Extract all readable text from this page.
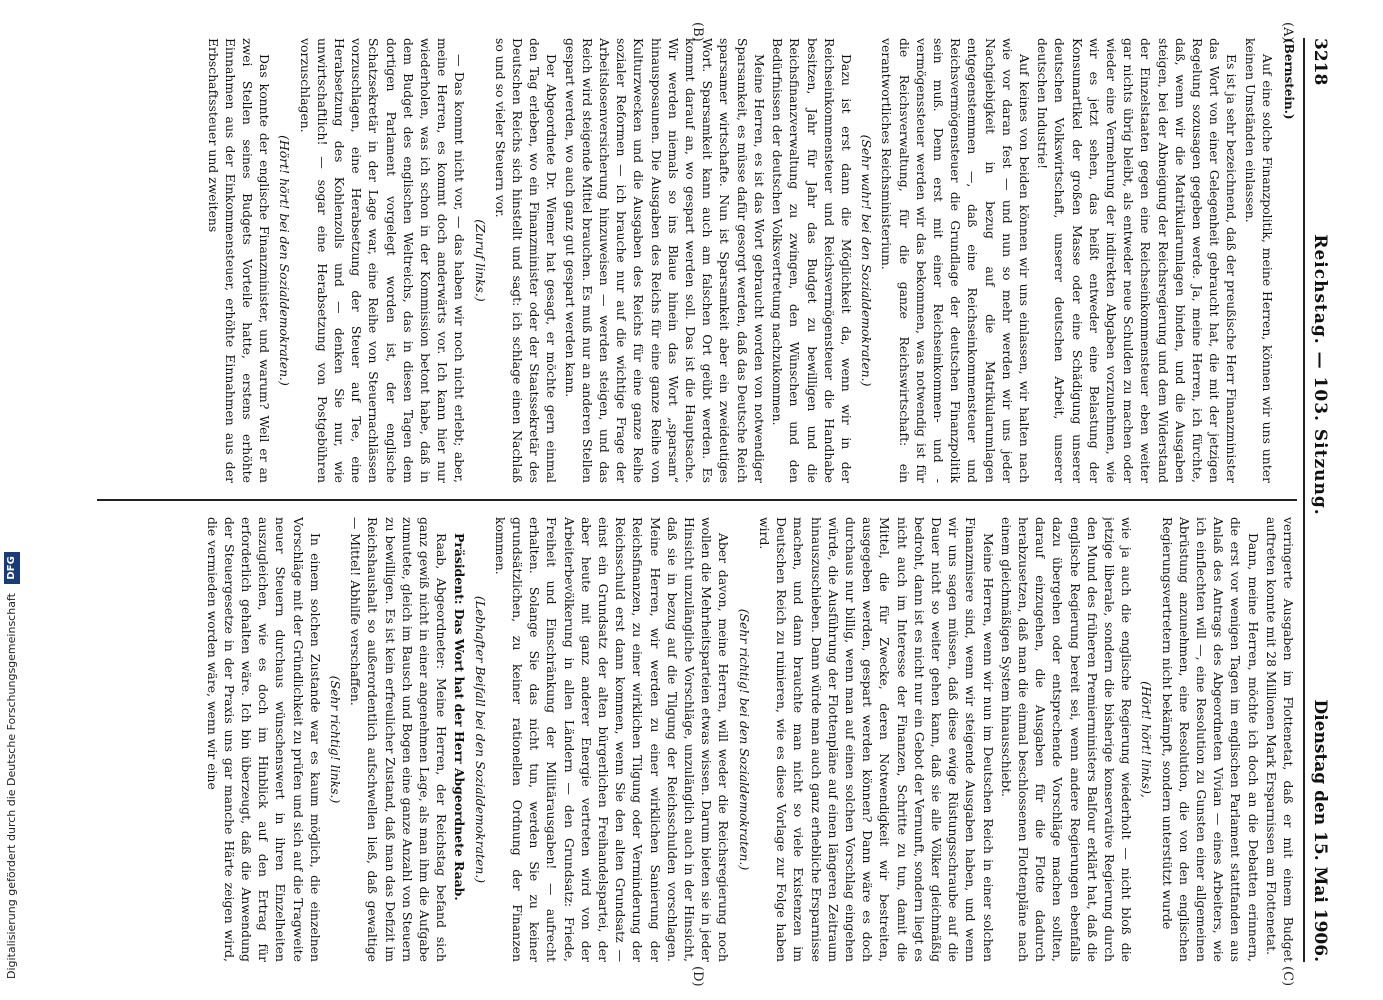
3218
Reichstag. — 103. Sitzung.
Dienstag den 15. Mai 1906.
(A)
(B)
(C)
(D)

(Bernstein.)

Auf eine solche Finanzpolitik, meine Herren, können wir uns unter keinen Umständen einlassen.

Es ist ja sehr bezeichnend, daß der preußische Herr Finanzminister das Wort von einer Gelegenheit gebraucht hat, die mit der jetzigen Regelung sozusagen gegeben werde. Ja, meine Herren, ich fürchte, daß, wenn wir die Matrikularumlagen binden, und die Ausgaben steigen, bei der Abneigung der Reichsregierung und dem Widerstand der Einzelstaaten gegen eine Reichseinkommensteuer eben weiter gar nichts übrig bleibt, als entweder neue Schulden zu machen oder wieder eine Vermehrung der indirekten Abgaben vorzunehmen, wie wir es jetzt sehen, das heißt entweder eine Belastung der Konsumartikel der großen Masse oder eine Schädigung unserer deutschen Volkswirtschaft, unserer deutschen Arbeit, unserer deutschen Industrie!

Auf keines von beiden können wir uns einlassen, wir halten nach wie vor daran fest — und nun so mehr werden wir uns jeder Nachgiebigkeit in bezug auf die Matrikularumlagen entgegenstemmen —, daß eine Reichseinkommensteuer und Reichsvermögensteuer die Grundlage der deutschen Finanzpolitik sein muß. Denn erst mit einer Reichseinkommen- und -vermögenssteuer werden wir das bekommen, was notwendig ist für die Reichsverwaltung, für die ganze Reichswirtschaft: ein verantwortliches Reichsministerium.

(Sehr wahr! bei den Sozialdemokraten.)

Dazu ist erst dann die Möglichkeit da, wenn wir in der Reichseinkommensteuer und Reichsvermögensteuer die Handhabe besitzen, Jahr für Jahr das Budget zu bewilligen und die Reichsfinanzverwaltung zu zwingen, den Wünschen und den Bedürfnissen der deutschen Volksvertretung nachzukommen.

Meine Herren, es ist das Wort gebraucht worden von notwendiger Sparsamkeit, es müsse dafür gesorgt werden, daß das Deutsche Reich sparsamer wirtschafte. Nun ist Sparsamkeit aber ein zweideutiges Wort. Sparsamkeit kann auch am falschen Ort geübt werden. Es kommt darauf an, wo gespart werden soll. Das ist die Hauptsache. Wir werden niemals so ins Blaue hinein das Wort „sparsam“ hinausposaunen. Die Ausgaben des Reichs für eine ganze Reihe von Kulturzwecken und die Ausgaben des Reichs für eine ganze Reihe sozialer Reformen — ich brauche nur auf die wichtige Frage der Arbeitslosenversicherung hinzuweisen — werden steigen, und das Reich wird steigende Mittel brauchen. Es muß nur an anderen Stellen gespart werden, wo auch ganz gut gespart werden kann.

Der Abgeordnete Dr. Wiemer hat gesagt, er möchte gern einmal den Tag erleben, wo ein Finanzminister oder der Staatssekretär des Deutschen Reichs sich hinstellt und sagt: ich schlage einen Nachlaß so und so vieler Steuern vor.

(Zuruf links.)

— Das kommt nicht vor, — das haben wir noch nicht erlebt; aber, meine Herren, es kommt doch anderwärts vor. Ich kann hier nur wiederholen, was ich schon in der Kommission betont habe, daß in dem Budget des englischen Weltreichs, das in diesen Tagen dem dortigen Parlament vorgelegt worden ist, der englische Schatzsekretär in der Lage war, eine Reihe von Steuernachlässen vorzuschlagen, eine Herabsetzung der Steuer auf Tee, eine Herabsetzung des Kohlenzolls und — denken Sie nur, wie unwirtschaftlich! — sogar eine Herabsetzung von Postgebühren vorzuschlagen.

(Hört! hört! bei den Sozialdemokraten.)

Das konnte der englische Finanzminister, und warum? Weil er an zwei Stellen seines Budgets Vorteile hatte, erstens erhöhte Einnahmen aus der Einkommensteuer, erhöhte Einnahmen aus der Erbschaftssteuer und zweitens

verringerte Ausgaben im Flottenetat, daß er mit einem Budget auftreten konnte mit 28 Millionen Mark Ersparnissen am Flottenetat.

Dann, meine Herren, möchte ich doch an die Debatten erinnern, die erst vor wenigen Tagen im englischen Parlament stattfanden aus Anlaß des Antrags des Abgeordneten Vivian — eines Arbeiters, wie ich einflechten will —, eine Resolution zu Gunsten einer allgemeinen Abrüstung anzunehmen, eine Resolution, die von den englischen Regierungsvertretern nicht bekämpft, sondern unterstützt wurde

(Hört! hört! links),

wie ja auch die englische Regierung wiederholt — nicht bloß die jetzige liberale, sondern die bisherige konservative Regierung durch den Mund des früheren Premierministers Balfour erklärt hat, daß die englische Regierung bereit sei, wenn andere Regierungen ebenfalls dazu übergehen oder entsprechende Vorschläge machen sollten, darauf einzugehen, die Ausgaben für die Flotte dadurch herabzusetzen, daß man die einmal beschlossenen Flottenpläne nach einem gleichmäßigen System hinausschiebt.

Meine Herren, wenn wir nun im Deutschen Reich in einer solchen Finanzmisere sind, wenn wir steigende Ausgaben haben, und wenn wir uns sagen müssen, daß diese ewige Rüstungsschraube auf die Dauer nicht so weiter gehen kann, daß sie alle Völker gleichmäßig bedroht, dann ist es nicht nur ein Gebot der Vernunft, sondern liegt es nicht auch im Interesse der Finanzen, Schritte zu tun, damit die Mittel, die für Zwecke, deren Notwendigkeit wir bestreiten, ausgegeben werden, gespart werden können? Dann wäre es doch durchaus nur billig, wenn man auf einen solchen Vorschlag eingehen würde, die Ausführung der Flottenpläne auf einen längeren Zeitraum hinauszuschieben. Dann würde man auch ganz erhebliche Ersparnisse machen, und dann brauchte man nicht so viele Existenzen im Deutschen Reich zu ruinieren, wie es diese Vorlage zur Folge haben wird.

(Sehr richtig! bei den Sozialdemokraten.)

Aber davon, meine Herren, will weder die Reichsregierung noch wollen die Mehrheitsparteien etwas wissen. Darum bieten sie in jeder Hinsicht unzulängliche Vorschläge, unzulänglich auch in der Hinsicht, daß sie in bezug auf die Tilgung der Reichsschulden vorschlagen. Meine Herren, wir werden zu einer wirklichen Sanierung der Reichsfinanzen, zu einer wirklichen Tilgung oder Verminderung der Reichsschuld erst dann kommen, wenn Sie den alten Grundsatz — einst ein Grundsatz der alten bürgerlichen Freihandelspartei, der aber heute mit ganz anderer Energie vertreten wird von der Arbeiterbevölkerung in allen Ländern — den Grundsatz: Friede, Freiheit und Einschränkung der Militärausgaben! — aufrecht erhalten. Solange Sie das nicht tun, werden Sie zu keiner grundsätzlichen, zu keiner rationellen Ordnung der Finanzen kommen.

(Lebhafter Beifall bei den Sozialdemokraten.)

Präsident: Das Wort hat der Herr Abgeordnete Raab.

Raab, Abgeordneter: Meine Herren, der Reichstag befand sich ganz gewiß nicht in einer angenehmen Lage, als man ihm die Aufgabe zumutete, gleich im Bausch und Bogen eine ganze Anzahl von Steuern zu bewilligen. Es ist kein erfreulicher Zustand, daß man das Defizit im Reichshaushalt so außerordentlich aufschwellen ließ, daß gewaltige — Mittel! Abhilfe verschaffen.

(Sehr richtig! links.)

In einem solchen Zustande war es kaum möglich, die einzelnen Vorschläge mit der Gründlichkeit zu prüfen und sich auf die Tragweite neuer Steuern durchaus wünschenswert in ihren Einzelheiten auszugleichen, wie es doch im Hinblick auf den Ertrag für erforderlich gehalten wäre. Ich bin überzeugt, daß die Anwendung der Steuergesetze in der Praxis uns gar manche Härte zeigen wird, die vermieden worden wäre, wenn wir eine

Digitalisierung gefördert durch die Deutsche Forschungsgemeinschaft DFG
